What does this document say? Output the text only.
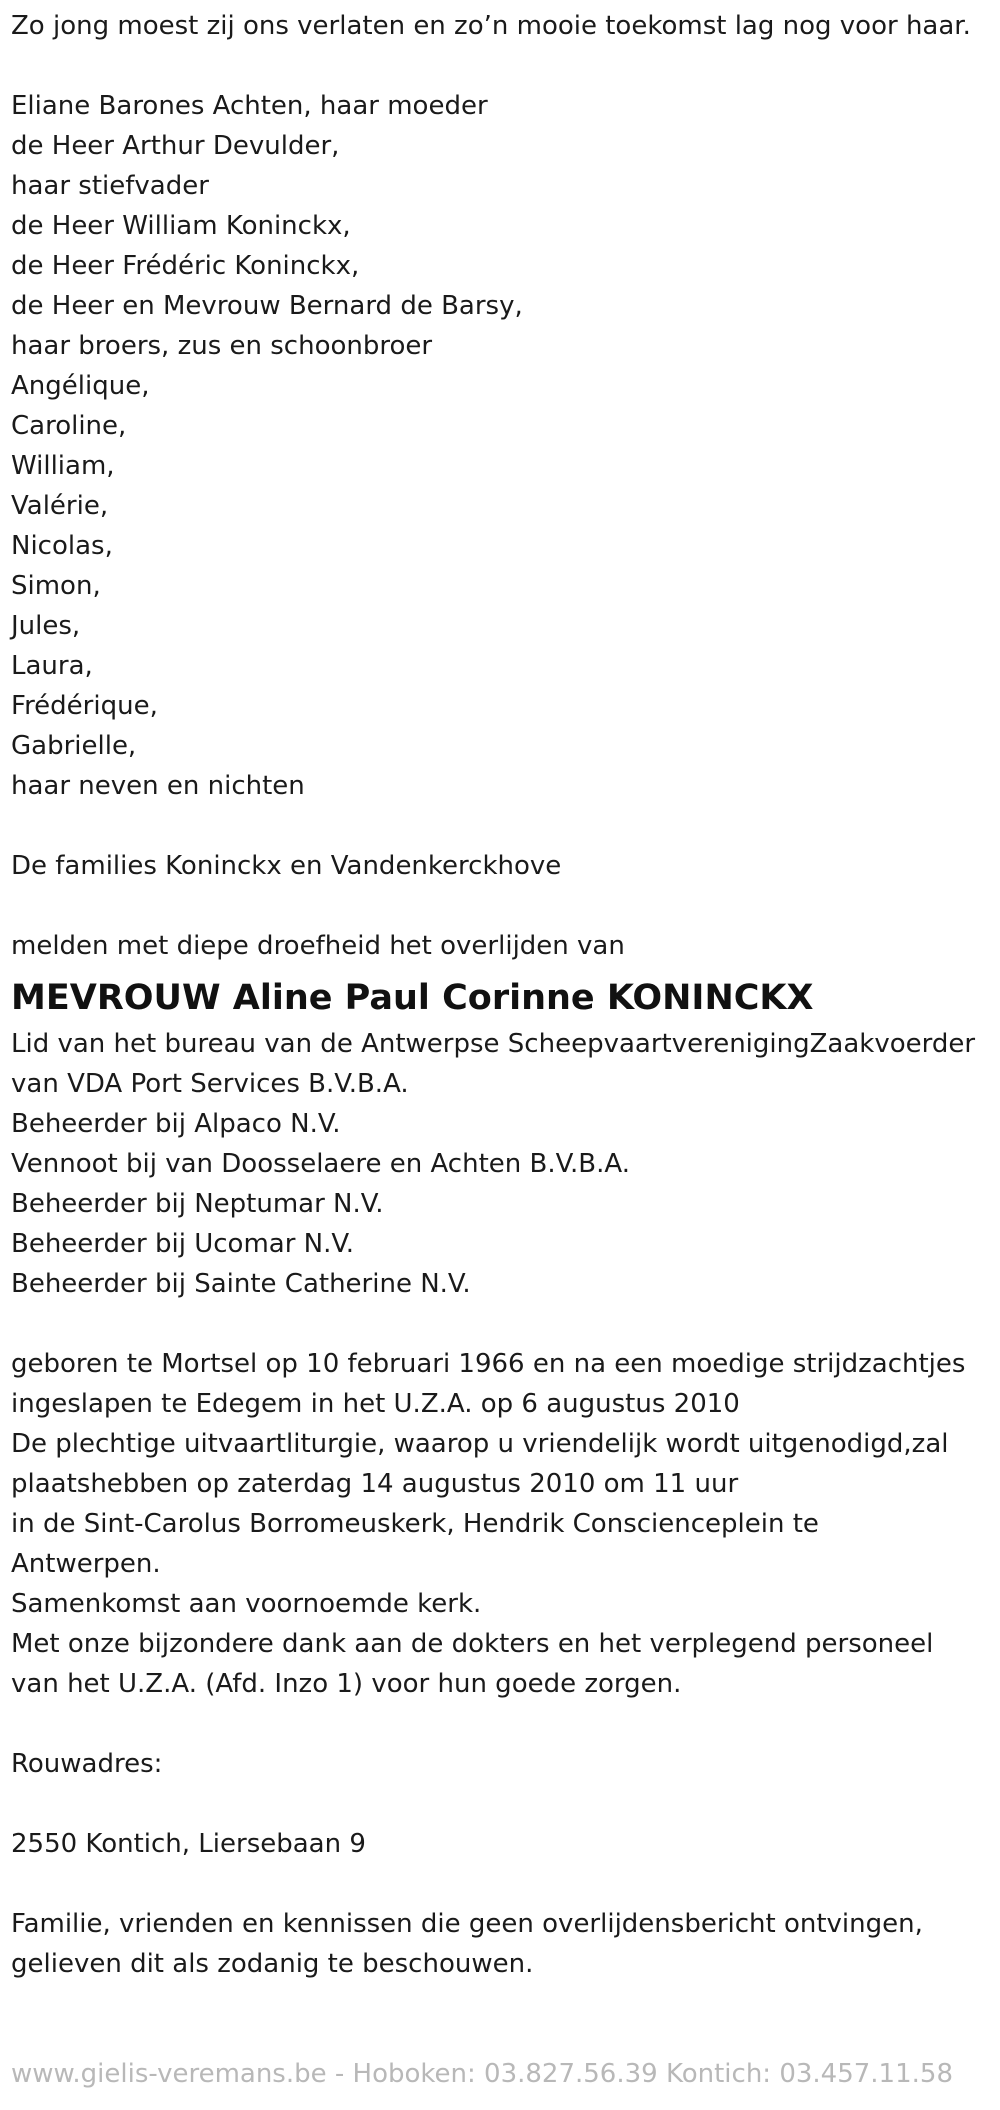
Zo jong moest zij ons verlaten en zo’n mooie toekomst lag nog voor haar.
Eliane Barones Achten, haar moeder
de Heer Arthur Devulder,
haar stiefvader
de Heer William Koninckx,
de Heer Frédéric Koninckx,
de Heer en Mevrouw Bernard de Barsy,
haar broers, zus en schoonbroer
Angélique,
Caroline,
William,
Valérie,
Nicolas,
Simon,
Jules,
Laura,
Frédérique,
Gabrielle,
haar neven en nichten
De families Koninckx en Vandenkerckhove
melden met diepe droefheid het overlijden van
MEVROUW Aline Paul Corinne KONINCKX
Lid van het bureau van de Antwerpse ScheepvaartverenigingZaakvoerder
van VDA Port Services B.V.B.A.
Beheerder bij Alpaco N.V.
Vennoot bij van Doosselaere en Achten B.V.B.A.
Beheerder bij Neptumar N.V.
Beheerder bij Ucomar N.V.
Beheerder bij Sainte Catherine N.V.
geboren te Mortsel op 10 februari 1966 en na een moedige strijdzachtjes
ingeslapen te Edegem in het U.Z.A. op 6 augustus 2010
De plechtige uitvaartliturgie, waarop u vriendelijk wordt uitgenodigd,zal
plaatshebben op zaterdag 14 augustus 2010 om 11 uur
in de Sint-Carolus Borromeuskerk, Hendrik Conscienceplein te
Antwerpen.
Samenkomst aan voornoemde kerk.
Met onze bijzondere dank aan de dokters en het verplegend personeel
van het U.Z.A. (Afd. Inzo 1) voor hun goede zorgen.
Rouwadres:
2550 Kontich, Liersebaan 9
Familie, vrienden en kennissen die geen overlijdensbericht ontvingen,
gelieven dit als zodanig te beschouwen.
www.gielis-veremans.be - Hoboken: 03.827.56.39 Kontich: 03.457.11.58
